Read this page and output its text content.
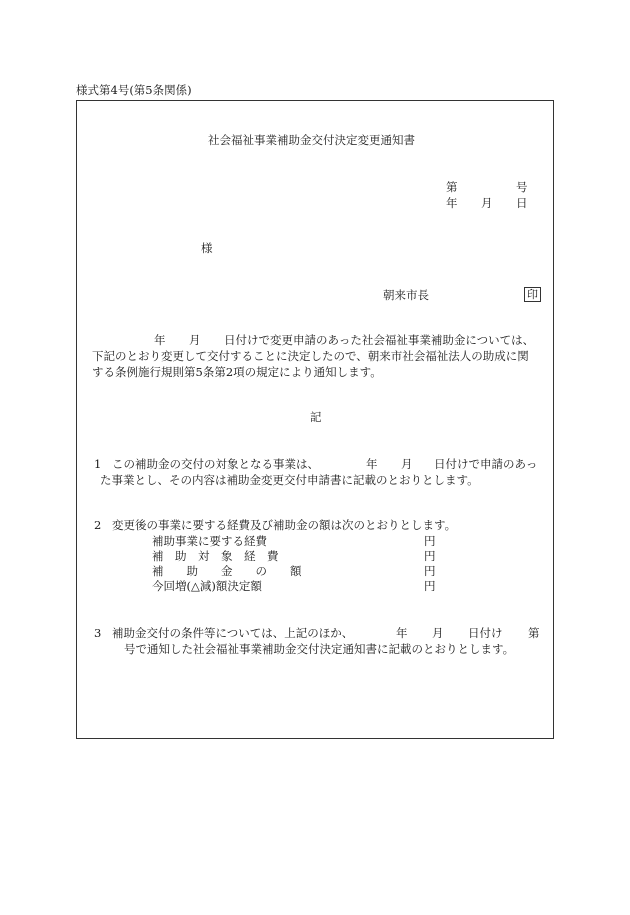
様式第4号(第5条関係)
社会福祉事業補助金交付決定変更通知書
第	号
年 月 日
様
朝来市長	印
年 月 日付けで変更申請のあった社会福祉事業補助金については、
下記のとおり変更して交付することに決定したので、朝来市社会福祉法人の助成に関
する条例施行規則第5条第2項の規定により通知します。
記
1 この補助金の交付の対象となる事業は、	年 月 日付けで申請のあっ
た事業とし、その内容は補助金変更交付申請書に記載のとおりとします。
2 変更後の事業に要する経費及び補助金の額は次のとおりとします。
補助事業に要する経費	円
補　助　対　象　経　費	円
補　　助　　金　　の　　額	円
今回増(△減)額決定額	円
3 補助金交付の条件等については、上記のほか、	年 月 日付け 第
号で通知した社会福祉事業補助金交付決定通知書に記載のとおりとします。
